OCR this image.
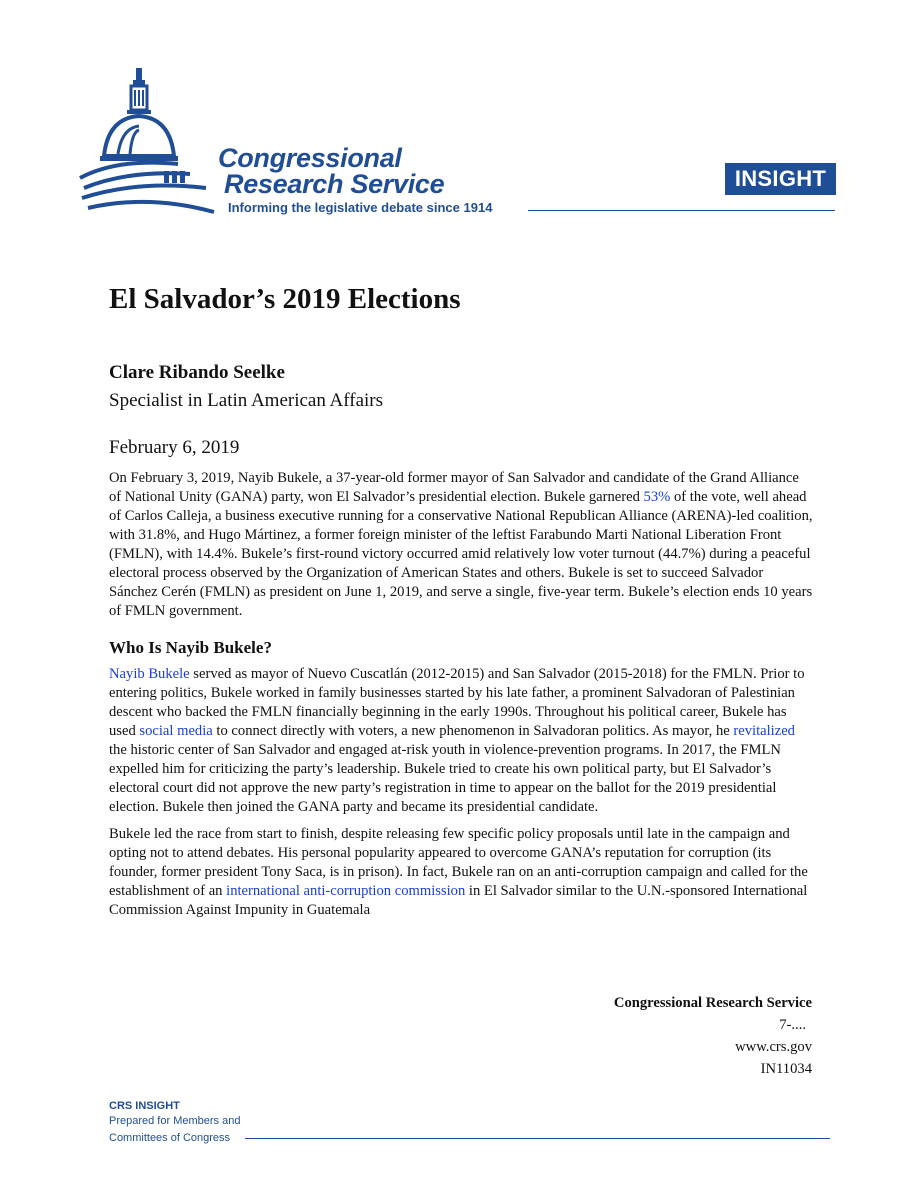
Congressional
Research Service
Informing the legislative debate since 1914
INSIGHT
El Salvador’s 2019 Elections
Clare Ribando Seelke
Specialist in Latin American Affairs
February 6, 2019

On February 3, 2019, Nayib Bukele, a 37-year-old former mayor of San Salvador and candidate of the Grand Alliance of National Unity (GANA) party, won El Salvador’s presidential election. Bukele garnered 53% of the vote, well ahead of Carlos Calleja, a business executive running for a conservative National Republican Alliance (ARENA)-led coalition, with 31.8%, and Hugo Mártinez, a former foreign minister of the leftist Farabundo Marti National Liberation Front (FMLN), with 14.4%. Bukele’s first-round victory occurred amid relatively low voter turnout (44.7%) during a peaceful electoral process observed by the Organization of American States and others. Bukele is set to succeed Salvador Sánchez Cerén (FMLN) as president on June 1, 2019, and serve a single, five-year term. Bukele’s election ends 10 years of FMLN government.

Who Is Nayib Bukele?

Nayib Bukele served as mayor of Nuevo Cuscatlán (2012-2015) and San Salvador (2015-2018) for the FMLN. Prior to entering politics, Bukele worked in family businesses started by his late father, a prominent Salvadoran of Palestinian descent who backed the FMLN financially beginning in the early 1990s. Throughout his political career, Bukele has used social media to connect directly with voters, a new phenomenon in Salvadoran politics. As mayor, he revitalized the historic center of San Salvador and engaged at-risk youth in violence-prevention programs. In 2017, the FMLN expelled him for criticizing the party’s leadership. Bukele tried to create his own political party, but El Salvador’s electoral court did not approve the new party’s registration in time to appear on the ballot for the 2019 presidential election. Bukele then joined the GANA party and became its presidential candidate.

Bukele led the race from start to finish, despite releasing few specific policy proposals until late in the campaign and opting not to attend debates. His personal popularity appeared to overcome GANA’s reputation for corruption (its founder, former president Tony Saca, is in prison). In fact, Bukele ran on an anti-corruption campaign and called for the establishment of an international anti-corruption commission in El Salvador similar to the U.N.-sponsored International Commission Against Impunity in Guatemala

Congressional Research Service
7-....
www.crs.gov
IN11034
CRS INSIGHT
Prepared for Members and
Committees of Congress
